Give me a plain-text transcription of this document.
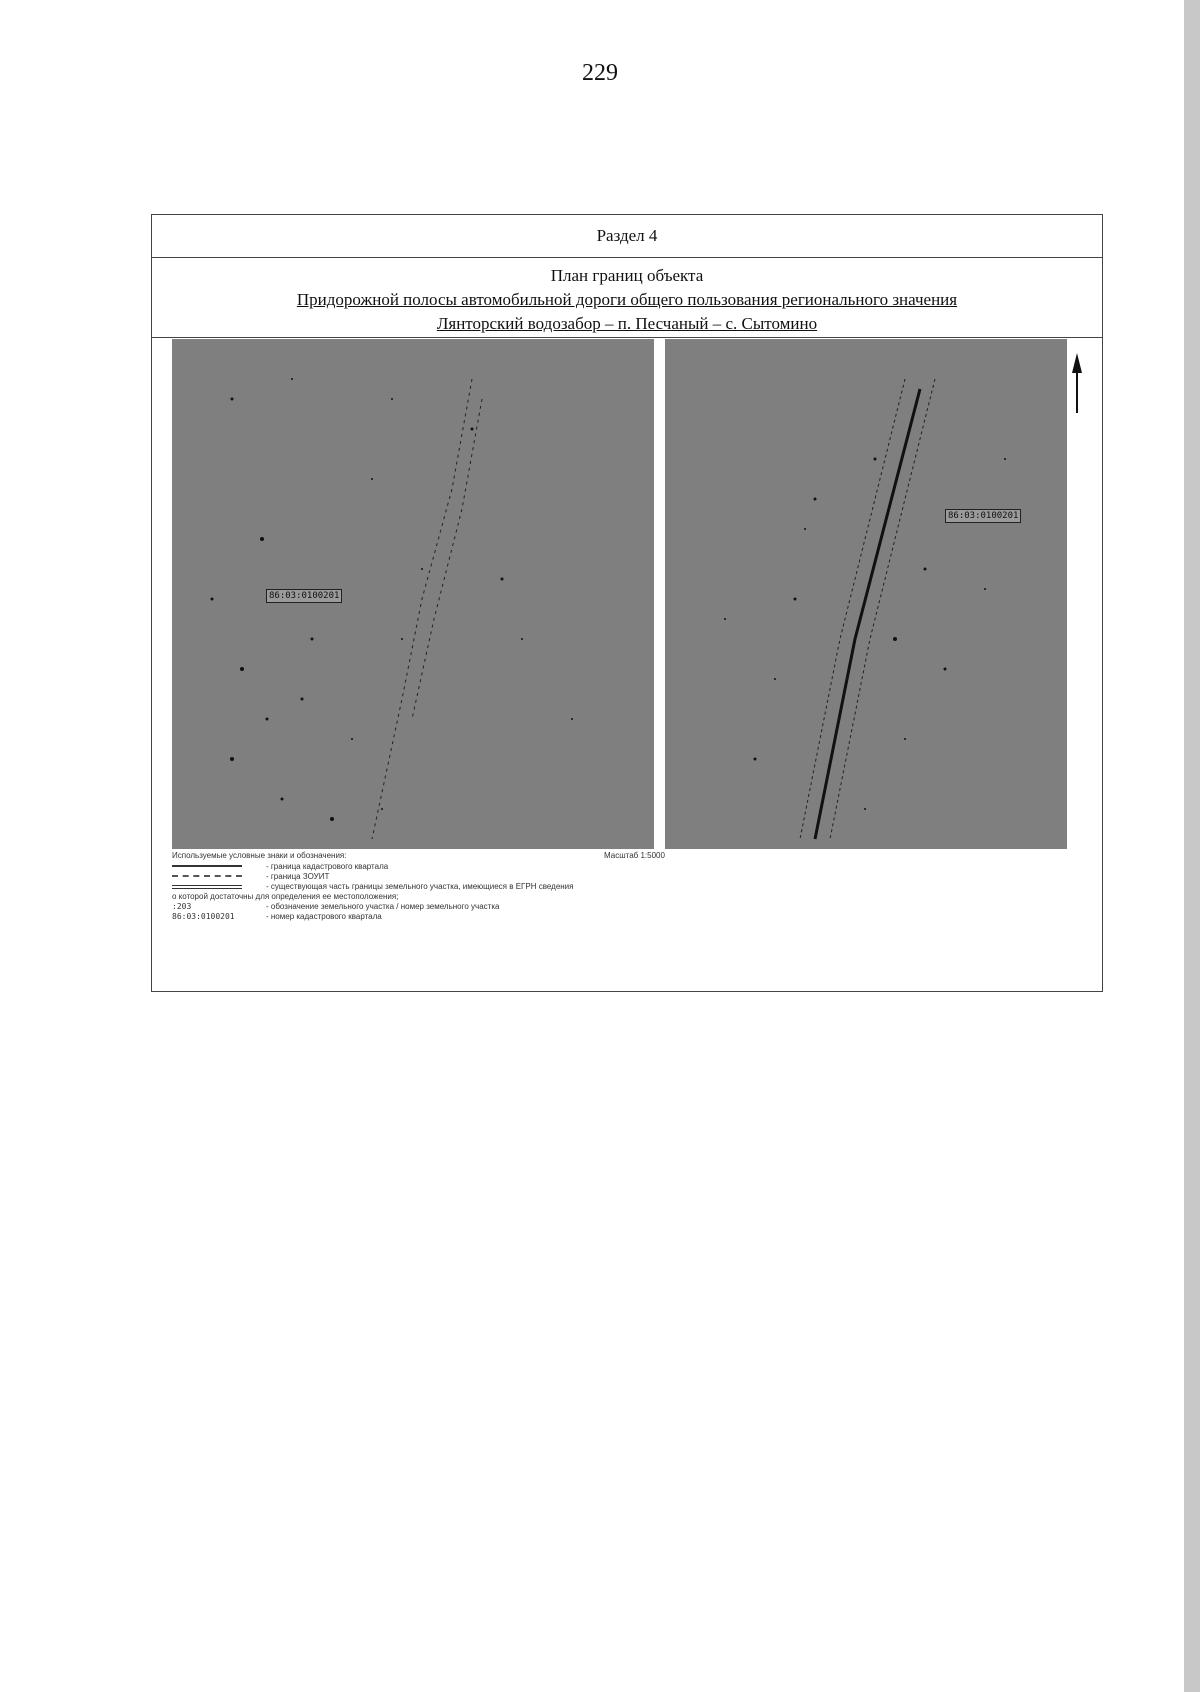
229
Раздел 4
План границ объекта
Придорожной полосы автомобильной дороги общего пользования регионального значения
Лянторский водозабор – п. Песчаный – с. Сытомино
86:03:0100201
86:03:0100201
Используемые условные знаки и обозначения:	Масштаб 1:5000
- граница кадастрового квартала
- граница ЗОУИТ
- существующая часть границы земельного участка, имеющиеся в ЕГРН сведения
о которой достаточны для определения ее местоположения;
:203	- обозначение земельного участка / номер земельного участка
86:03:0100201	- номер кадастрового квартала
